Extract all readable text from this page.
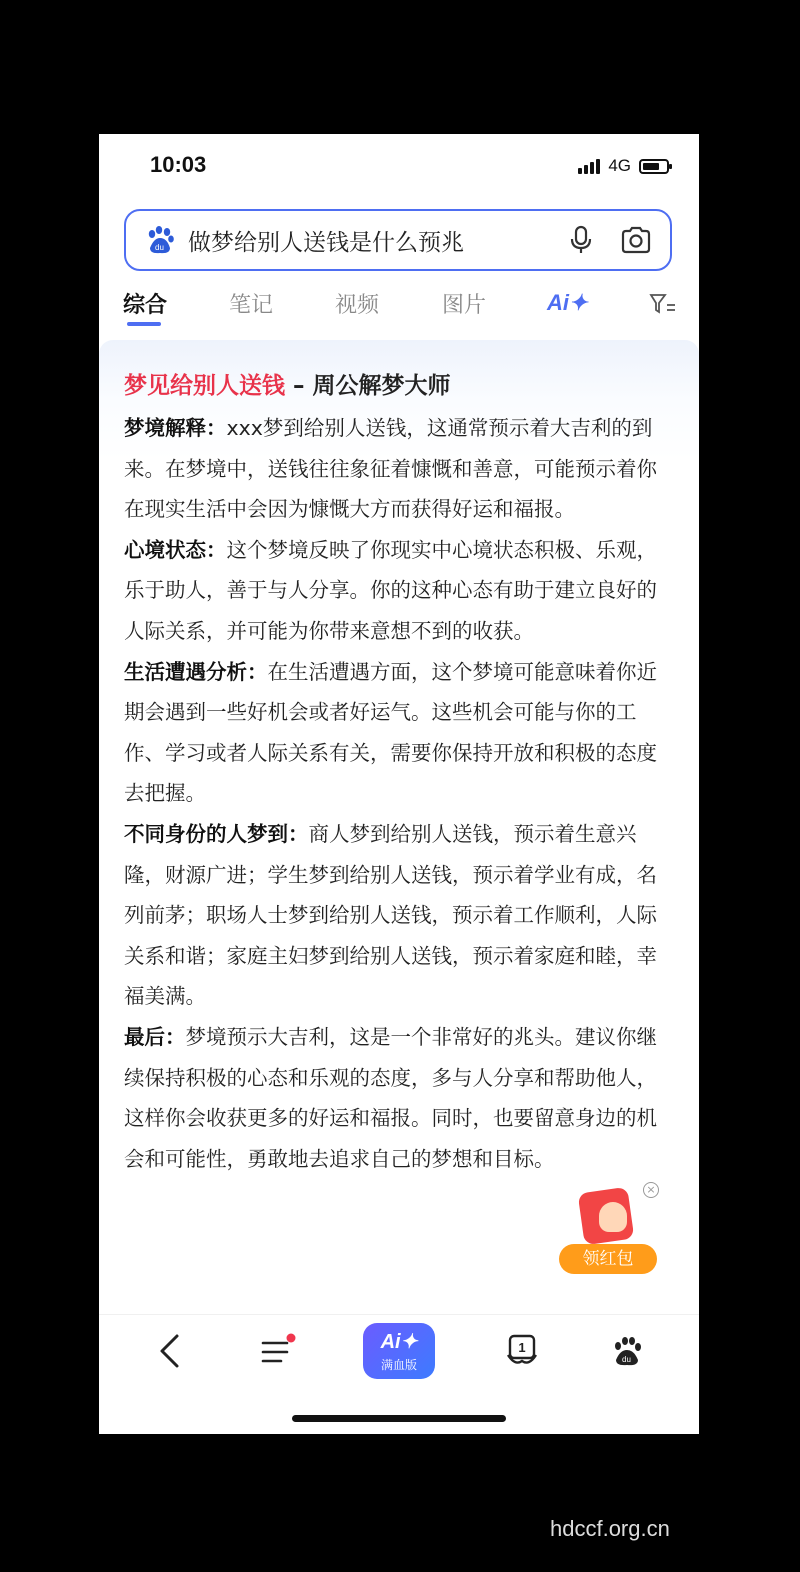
10:03	4G
du 做梦给别人送钱是什么预兆
综合	笔记	视频	图片	Ai✦
梦见给别人送钱 – 周公解梦大师

梦境解释：xxx梦到给别人送钱，这通常预示着大吉利的到来。在梦境中，送钱往往象征着慷慨和善意，可能预示着你在现实生活中会因为慷慨大方而获得好运和福报。

心境状态：这个梦境反映了你现实中心境状态积极、乐观，乐于助人，善于与人分享。你的这种心态有助于建立良好的人际关系，并可能为你带来意想不到的收获。

生活遭遇分析：在生活遭遇方面，这个梦境可能意味着你近期会遇到一些好机会或者好运气。这些机会可能与你的工作、学习或者人际关系有关，需要你保持开放和积极的态度去把握。

不同身份的人梦到：商人梦到给别人送钱，预示着生意兴隆，财源广进；学生梦到给别人送钱，预示着学业有成，名列前茅；职场人士梦到给别人送钱，预示着工作顺利，人际关系和谐；家庭主妇梦到给别人送钱，预示着家庭和睦，幸福美满。

最后：梦境预示大吉利，这是一个非常好的兆头。建议你继续保持积极的心态和乐观的态度，多与人分享和帮助他人，这样你会收获更多的好运和福报。同时，也要留意身边的机会和可能性，勇敢地去追求自己的梦想和目标。

×
领红包
Ai✦
满血版
1
du
hdccf.org.cn
